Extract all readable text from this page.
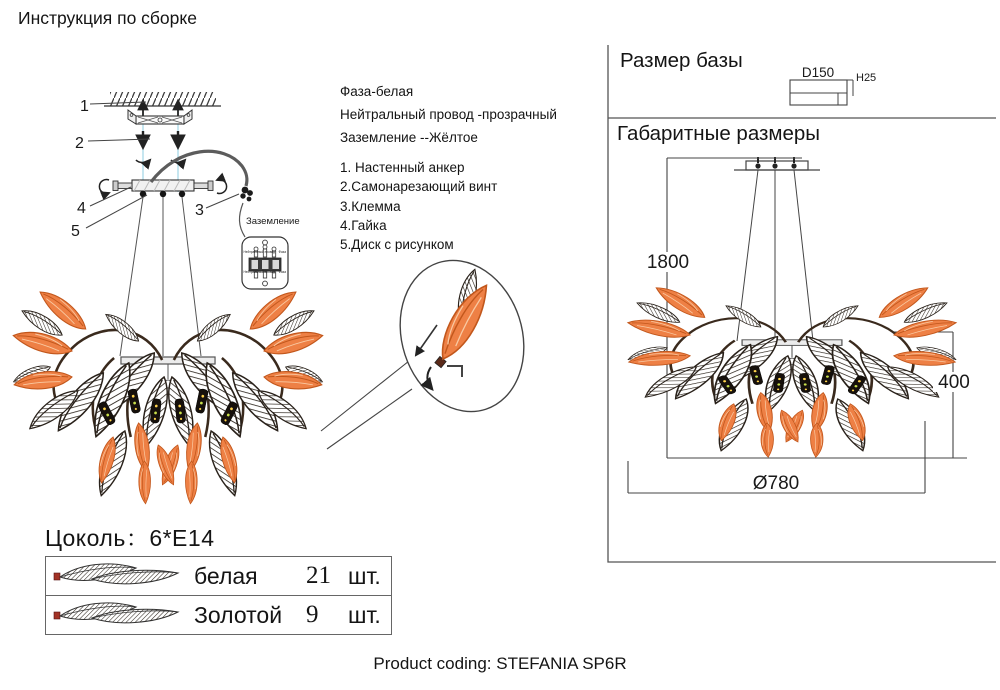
1
2
3
4
5
Заземление
Нейтральный провод
Нейтральный провод
Фаза
Фаза
D150 H25
1800
400
Ø780
Инструкция по сборке
Фаза-белая
Нейтральный провод -прозрачный
Заземление --Жёлтое
1. Настенный анкер
2.Самонарезающий винт
3.Клемма
4.Гайка
5.Диск с рисунком
Размер базы
Габаритные размеры
Цоколь：6*E14
белая	21 шт.
Золотой 9	шт.
Product coding: STEFANIA SP6R
